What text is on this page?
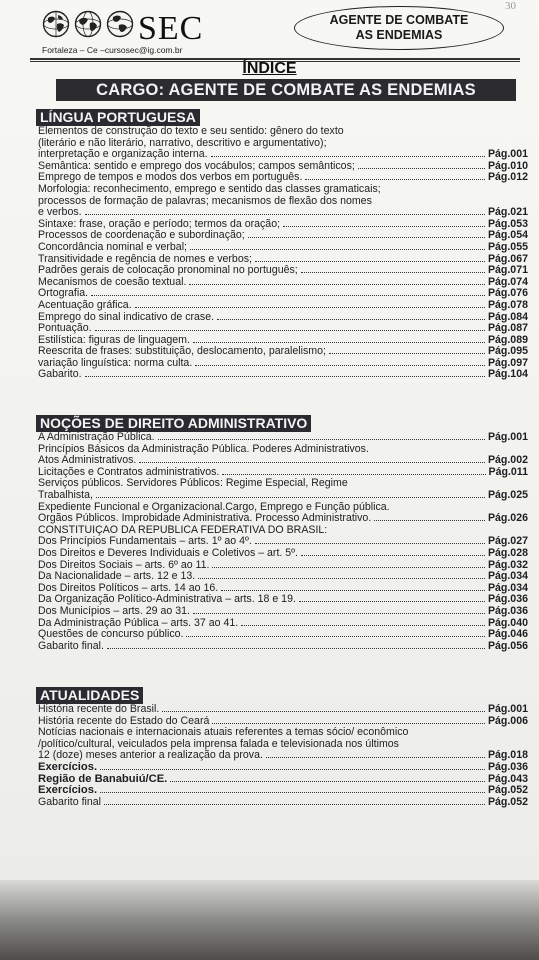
30
SEC
Fortaleza – Ce –cursosec@ig.com.br
AGENTE DE COMBATE AS ENDEMIAS
ÍNDICE
CARGO: AGENTE DE COMBATE AS ENDEMIAS
LÍNGUA PORTUGUESA
Elementos de construção do texto e seu sentido: gênero do texto
(literário e não literário, narrativo, descritivo e argumentativo);
interpretação e organização interna.	Pág.001
Semântica: sentido e emprego dos vocábulos; campos semânticos;	Pág.010
Emprego de tempos e modos dos verbos em português.	Pág.012
Morfologia: reconhecimento, emprego e sentido das classes gramaticais;
processos de formação de palavras; mecanismos de flexão dos nomes
e verbos.	Pág.021
Sintaxe: frase, oração e período; termos da oração;	Pág.053
Processos de coordenação e subordinação;	Pág.054
Concordância nominal e verbal;	Pág.055
Transitividade e regência de nomes e verbos;	Pág.067
Padrões gerais de colocação pronominal no português;	Pág.071
Mecanismos de coesão textual.	Pág.074
Ortografia.	Pág.076
Acentuação gráfica.	Pág.078
Emprego do sinal indicativo de crase.	Pág.084
Pontuação.	Pág.087
Estilística: figuras de linguagem.	Pág.089
Reescrita de frases: substituição, deslocamento, paralelismo;	Pág.095
variação linguística: norma culta.	Pág.097
Gabarito.	Pág.104
NOÇÕES DE DIREITO ADMINISTRATIVO
A Administração Pública.	Pág.001
Princípios Básicos da Administração Pública. Poderes Administrativos.
Atos Administrativos.	Pág.002
Licitações e Contratos administrativos.	Pág.011
Serviços públicos. Servidores Públicos: Regime Especial, Regime
Trabalhista,	Pág.025
Expediente Funcional e Organizacional.Cargo, Emprego e Função pública.
Órgãos Públicos. Improbidade Administrativa. Processo Administrativo.	Pág.026
CONSTITUIÇÃO DA REPÚBLICA FEDERATIVA DO BRASIL:
Dos Princípios Fundamentais – arts. 1º ao 4º.	Pág.027
Dos Direitos e Deveres Individuais e Coletivos – art. 5º.	Pág.028
Dos Direitos Sociais – arts. 6º ao 11.	Pág.032
Da Nacionalidade – arts. 12 e 13.	Pág.034
Dos Direitos Políticos – arts. 14 ao 16.	Pág.034
Da Organização Político-Administrativa – arts. 18 e 19.	Pág.036
Dos Municípios – arts. 29 ao 31.	Pág.036
Da Administração Pública – arts. 37 ao 41.	Pág.040
Questões de concurso público.	Pág.046
Gabarito final.	Pág.056
ATUALIDADES
História recente do Brasil.	Pág.001
História recente do Estado do Ceará	Pág.006
Notícias nacionais e internacionais atuais referentes a temas sócio/ econômico
/político/cultural, veiculados pela imprensa falada e televisionada nos últimos
12 (doze) meses anterior a realização da prova.	Pág.018
Exercícios.	Pág.036
Região de Banabuiú/CE.	Pág.043
Exercícios.	Pág.052
Gabarito final	Pág.052
